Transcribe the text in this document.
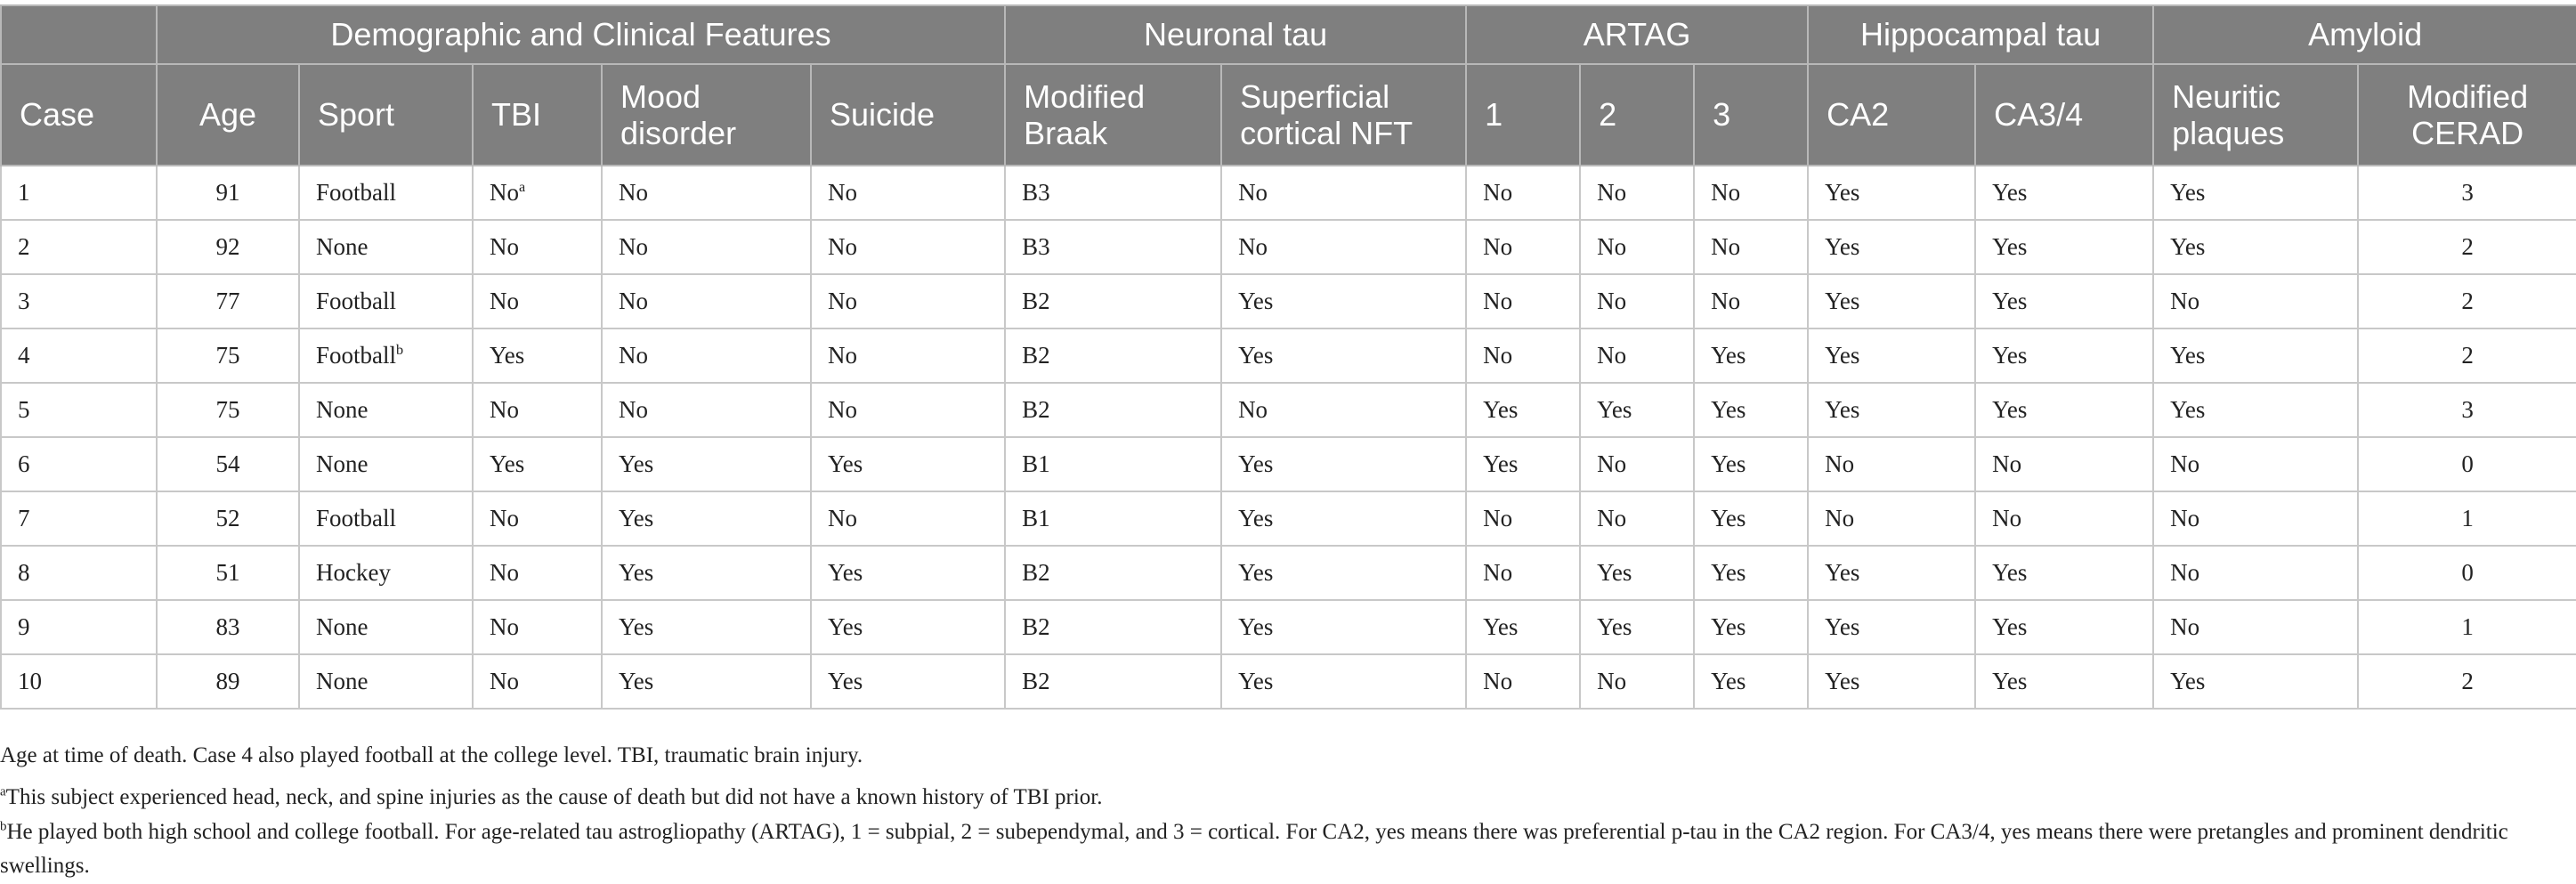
	Demographic and Clinical Features					Neuronal tau		ARTAG			Hippocampal tau		Amyloid	
Case	Age	Sport	TBI	Mood disorder	Suicide	Modified Braak	Superficial cortical NFT	1	2	3	CA2	CA3/4	Neuritic plaques	Modified CERAD
1	91	Football	No$^a$	No	No	B3	No	No	No	No	Yes	Yes	Yes	3
2	92	None	No	No	No	B3	No	No	No	No	Yes	Yes	Yes	2
3	77	Football	No	No	No	B2	Yes	No	No	No	Yes	Yes	No	2
4	75	Football$^b$	Yes	No	No	B2	Yes	No	No	Yes	Yes	Yes	Yes	2
5	75	None	No	No	No	B2	No	Yes	Yes	Yes	Yes	Yes	Yes	3
6	54	None	Yes	Yes	Yes	B1	Yes	Yes	No	Yes	No	No	No	0
7	52	Football	No	Yes	No	B1	Yes	No	No	Yes	No	No	No	1
8	51	Hockey	No	Yes	Yes	B2	Yes	No	Yes	Yes	Yes	Yes	No	0
9	83	None	No	Yes	Yes	B2	Yes	Yes	Yes	Yes	Yes	Yes	No	1
10	89	None	No	Yes	Yes	B2	Yes	No	No	Yes	Yes	Yes	Yes	2
Age at time of death. Case 4 also played football at the college level. TBI, traumatic brain injury.
$^a$This subject experienced head, neck, and spine injuries as the cause of death but did not have a known history of TBI prior.
$^b$He played both high school and college football. For age-related tau astrogliopathy (ARTAG), 1 = subpial, 2 = subependymal, and 3 = cortical. For CA2, yes means there was preferential p-tau in the CA2 region. For CA3/4, yes means there were pretangles and prominent dendritic swellings.
